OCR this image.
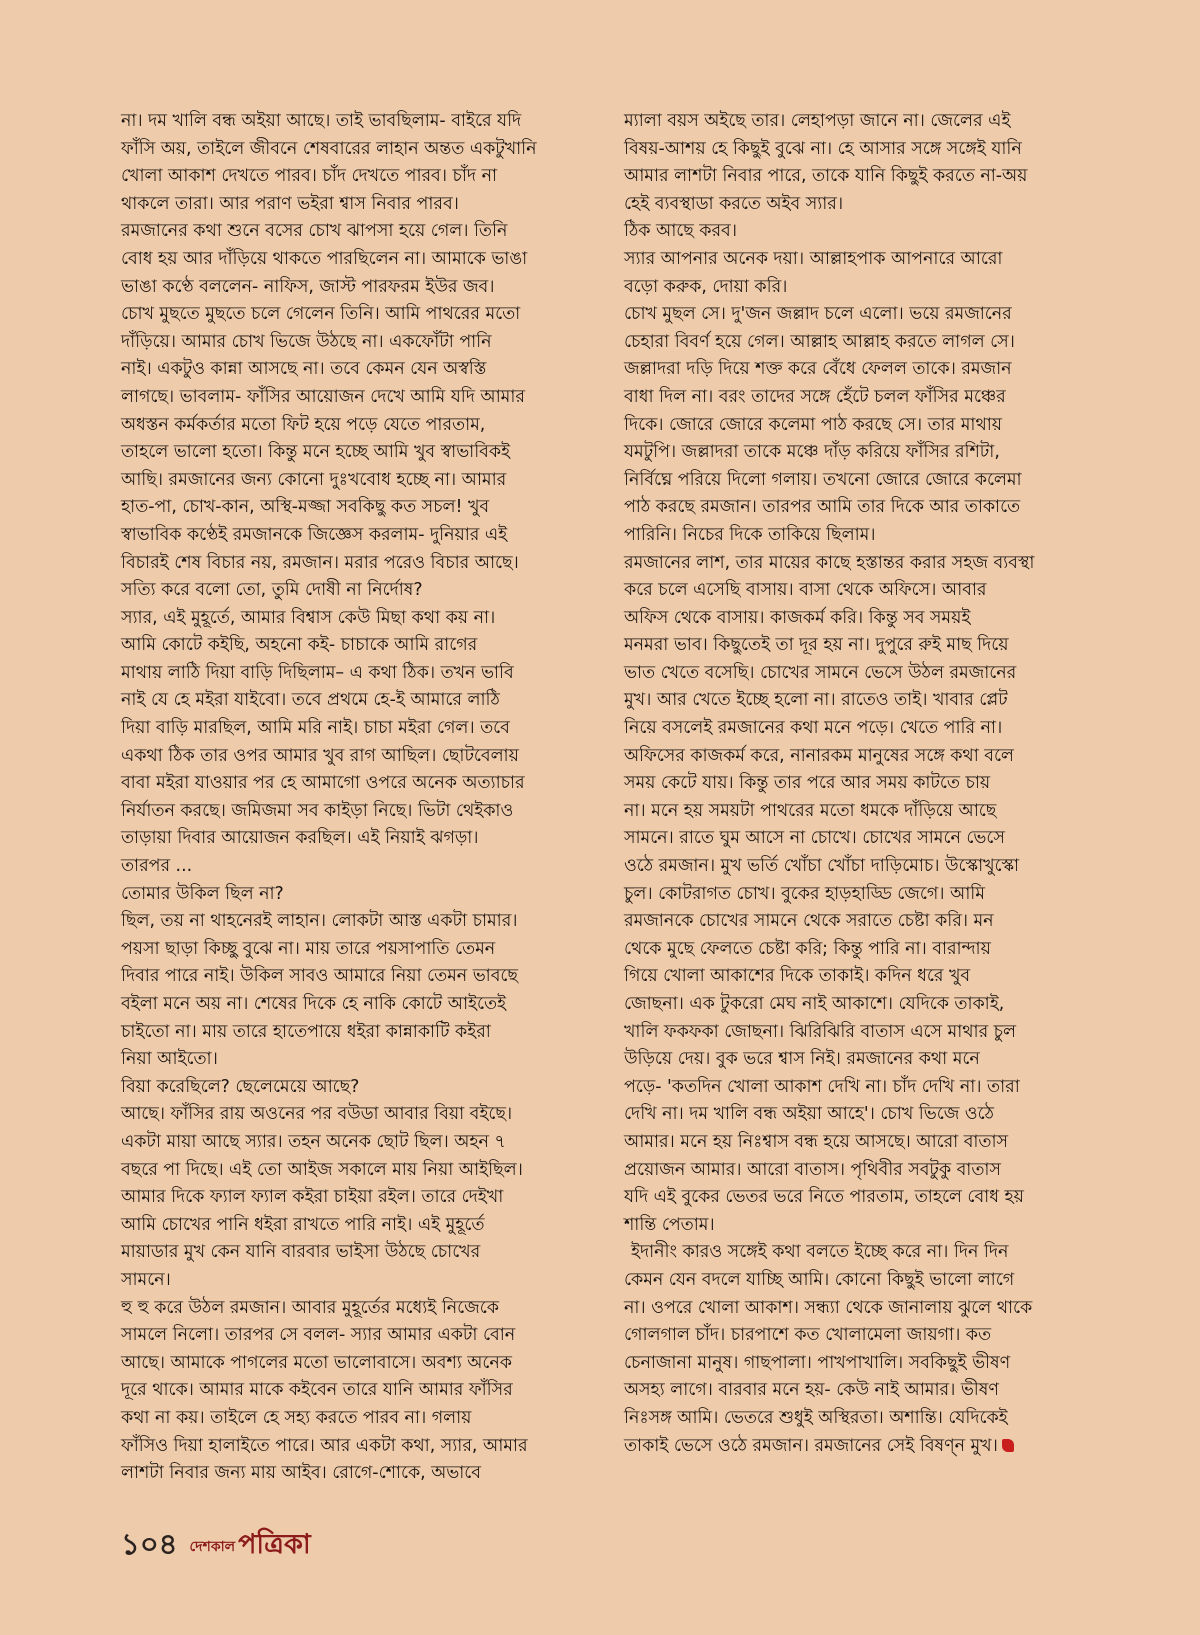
না। দম খালি বন্ধ অইয়া আছে। তাই ভাবছিলাম- বাইরে যদি
ফাঁসি অয়, তাইলে জীবনে শেষবারের লাহান অন্তত একটুখানি
খোলা আকাশ দেখতে পারব। চাঁদ দেখতে পারব। চাঁদ না
থাকলে তারা। আর পরাণ ভইরা শ্বাস নিবার পারব।

রমজানের কথা শুনে বসের চোখ ঝাপসা হয়ে গেল। তিনি
বোধ হয় আর দাঁড়িয়ে থাকতে পারছিলেন না। আমাকে ভাঙা
ভাঙা কণ্ঠে বললেন- নাফিস, জাস্ট পারফরম ইউর জব।
চোখ মুছতে মুছতে চলে গেলেন তিনি। আমি পাথরের মতো
দাঁড়িয়ে। আমার চোখ ভিজে উঠছে না। একফোঁটা পানি
নাই। একটুও কান্না আসছে না। তবে কেমন যেন অস্বস্তি
লাগছে। ভাবলাম- ফাঁসির আয়োজন দেখে আমি যদি আমার
অধস্তন কর্মকর্তার মতো ফিট হয়ে পড়ে যেতে পারতাম,
তাহলে ভালো হতো। কিন্তু মনে হচ্ছে আমি খুব স্বাভাবিকই
আছি। রমজানের জন্য কোনো দুঃখবোধ হচ্ছে না। আমার
হাত-পা, চোখ-কান, অস্থি-মজ্জা সবকিছু কত সচল! খুব
স্বাভাবিক কণ্ঠেই রমজানকে জিজ্ঞেস করলাম- দুনিয়ার এই
বিচারই শেষ বিচার নয়, রমজান। মরার পরেও বিচার আছে।
সত্যি করে বলো তো, তুমি দোষী না নির্দোষ?

স্যার, এই মুহূর্তে, আমার বিশ্বাস কেউ মিছা কথা কয় না।
আমি কোটে কইছি, অহনো কই- চাচাকে আমি রাগের
মাথায় লাঠি দিয়া বাড়ি দিছিলাম– এ কথা ঠিক। তখন ভাবি
নাই যে হে মইরা যাইবো। তবে প্রথমে হে-ই আমারে লাঠি
দিয়া বাড়ি মারছিল, আমি মরি নাই। চাচা মইরা গেল। তবে
একথা ঠিক তার ওপর আমার খুব রাগ আছিল। ছোটবেলায়
বাবা মইরা যাওয়ার পর হে আমাগো ওপরে অনেক অত্যাচার
নির্যাতন করছে। জমিজমা সব কাইড়া নিছে। ভিটা থেইকাও
তাড়ায়া দিবার আয়োজন করছিল। এই নিয়াই ঝগড়া।
তারপর ...

তোমার উকিল ছিল না?

ছিল, তয় না থাহনেরই লাহান। লোকটা আস্ত একটা চামার।
পয়সা ছাড়া কিচ্ছু বুঝে না। মায় তারে পয়সাপাতি তেমন
দিবার পারে নাই। উকিল সাবও আমারে নিয়া তেমন ভাবছে
বইলা মনে অয় না। শেষের দিকে হে নাকি কোটে আইতেই
চাইতো না। মায় তারে হাতেপায়ে ধইরা কান্নাকাটি কইরা
নিয়া আইতো।

বিয়া করেছিলে? ছেলেমেয়ে আছে?

আছে। ফাঁসির রায় অওনের পর বউডা আবার বিয়া বইছে।
একটা মায়া আছে স্যার। তহন অনেক ছোট ছিল। অহন ৭
বছরে পা দিছে। এই তো আইজ সকালে মায় নিয়া আইছিল।
আমার দিকে ফ্যাল ফ্যাল কইরা চাইয়া রইল। তারে দেইখা
আমি চোখের পানি ধইরা রাখতে পারি নাই। এই মুহূর্তে
মায়াডার মুখ কেন যানি বারবার ভাইসা উঠছে চোখের
সামনে।

হু হু করে উঠল রমজান। আবার মুহূর্তের মধ্যেই নিজেকে
সামলে নিলো। তারপর সে বলল- স্যার আমার একটা বোন
আছে। আমাকে পাগলের মতো ভালোবাসে। অবশ্য অনেক
দূরে থাকে। আমার মাকে কইবেন তারে যানি আমার ফাঁসির
কথা না কয়। তাইলে হে সহ্য করতে পারব না। গলায়
ফাঁসিও দিয়া হালাইতে পারে। আর একটা কথা, স্যার, আমার
লাশটা নিবার জন্য মায় আইব। রোগে-শোকে, অভাবে

ম্যালা বয়স অইছে তার। লেহাপড়া জানে না। জেলের এই
বিষয়-আশয় হে কিছুই বুঝে না। হে আসার সঙ্গে সঙ্গেই যানি
আমার লাশটা নিবার পারে, তাকে যানি কিছুই করতে না-অয়
হেই ব্যবস্থাডা করতে অইব স্যার।

ঠিক আছে করব।

স্যার আপনার অনেক দয়া। আল্লাহপাক আপনারে আরো
বড়ো করুক, দোয়া করি।

চোখ মুছল সে। দু'জন জল্লাদ চলে এলো। ভয়ে রমজানের
চেহারা বিবর্ণ হয়ে গেল। আল্লাহ আল্লাহ করতে লাগল সে।
জল্লাদরা দড়ি দিয়ে শক্ত করে বেঁধে ফেলল তাকে। রমজান
বাধা দিল না। বরং তাদের সঙ্গে হেঁটে চলল ফাঁসির মঞ্চের
দিকে। জোরে জোরে কলেমা পাঠ করছে সে। তার মাথায়
যমটুপি। জল্লাদরা তাকে মঞ্চে দাঁড় করিয়ে ফাঁসির রশিটা,
নির্বিঘ্নে পরিয়ে দিলো গলায়। তখনো জোরে জোরে কলেমা
পাঠ করছে রমজান। তারপর আমি তার দিকে আর তাকাতে
পারিনি। নিচের দিকে তাকিয়ে ছিলাম।

রমজানের লাশ, তার মায়ের কাছে হস্তান্তর করার সহজ ব্যবস্থা
করে চলে এসেছি বাসায়। বাসা থেকে অফিসে। আবার
অফিস থেকে বাসায়। কাজকর্ম করি। কিন্তু সব সময়ই
মনমরা ভাব। কিছুতেই তা দূর হয় না। দুপুরে রুই মাছ দিয়ে
ভাত খেতে বসেছি। চোখের সামনে ভেসে উঠল রমজানের
মুখ। আর খেতে ইচ্ছে হলো না। রাতেও তাই। খাবার প্লেট
নিয়ে বসলেই রমজানের কথা মনে পড়ে। খেতে পারি না।
অফিসের কাজকর্ম করে, নানারকম মানুষের সঙ্গে কথা বলে
সময় কেটে যায়। কিন্তু তার পরে আর সময় কাটতে চায়
না। মনে হয় সময়টা পাথরের মতো ধমকে দাঁড়িয়ে আছে
সামনে। রাতে ঘুম আসে না চোখে। চোখের সামনে ভেসে
ওঠে রমজান। মুখ ভর্তি খোঁচা খোঁচা দাড়িমোচ। উস্কোখুস্কো
চুল। কোটরাগত চোখ। বুকের হাড়হাড্ডি জেগে। আমি
রমজানকে চোখের সামনে থেকে সরাতে চেষ্টা করি। মন
থেকে মুছে ফেলতে চেষ্টা করি; কিন্তু পারি না। বারান্দায়
গিয়ে খোলা আকাশের দিকে তাকাই। কদিন ধরে খুব
জোছনা। এক টুকরো মেঘ নাই আকাশে। যেদিকে তাকাই,
খালি ফকফকা জোছনা। ঝিরিঝিরি বাতাস এসে মাথার চুল
উড়িয়ে দেয়। বুক ভরে শ্বাস নিই। রমজানের কথা মনে
পড়ে- 'কতদিন খোলা আকাশ দেখি না। চাঁদ দেখি না। তারা
দেখি না। দম খালি বন্ধ অইয়া আহে'। চোখ ভিজে ওঠে
আমার। মনে হয় নিঃশ্বাস বন্ধ হয়ে আসছে। আরো বাতাস
প্রয়োজন আমার। আরো বাতাস। পৃথিবীর সবটুকু বাতাস
যদি এই বুকের ভেতর ভরে নিতে পারতাম, তাহলে বোধ হয়
শান্তি পেতাম।

ইদানীং কারও সঙ্গেই কথা বলতে ইচ্ছে করে না। দিন দিন
কেমন যেন বদলে যাচ্ছি আমি। কোনো কিছুই ভালো লাগে
না। ওপরে খোলা আকাশ। সন্ধ্যা থেকে জানালায় ঝুলে থাকে
গোলগাল চাঁদ। চারপাশে কত খোলামেলা জায়গা। কত
চেনাজানা মানুষ। গাছপালা। পাখপাখালি। সবকিছুই ভীষণ
অসহ্য লাগে। বারবার মনে হয়- কেউ নাই আমার। ভীষণ
নিঃসঙ্গ আমি। ভেতরে শুধুই অস্থিরতা। অশান্তি। যেদিকেই
তাকাই ভেসে ওঠে রমজান। রমজানের সেই বিষণ্ন মুখ।

১০৪ দেশকাল পত্রিকা
